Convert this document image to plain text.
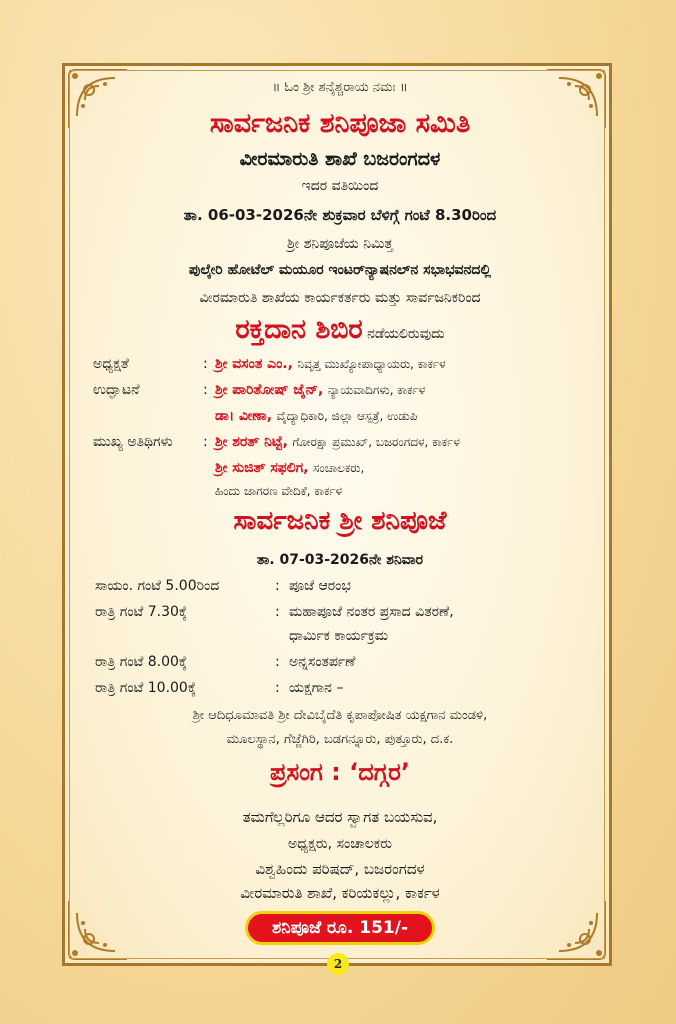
॥ ಓಂ ಶ್ರೀ ಶನೈಶ್ಚರಾಯ ನಮಃ ॥
ಸಾರ್ವಜನಿಕ ಶನಿಪೂಜಾ ಸಮಿತಿ
ವೀರಮಾರುತಿ ಶಾಖೆ ಬಜರಂಗದಳ
ಇದರ ವತಿಯಿಂದ
ತಾ. 06-03-2026ನೇ ಶುಕ್ರವಾರ ಬೆಳಿಗ್ಗೆ ಗಂಟೆ 8.30ರಿಂದ
ಶ್ರೀ ಶನಿಪೂಜೆಯ ನಿಮಿತ್ತ
ಪುಲ್ಕೇರಿ ಹೋಟೆಲ್ ಮಯೂರ ಇಂಟರ್‌ನ್ಯಾಷನಲ್‌ನ ಸಭಾಭವನದಲ್ಲಿ
ವೀರಮಾರುತಿ ಶಾಖೆಯ ಕಾರ್ಯಕರ್ತರು ಮತ್ತು ಸಾರ್ವಜನಿಕರಿಂದ
ರಕ್ತದಾನ ಶಿಬಿರ ನಡೆಯಲಿರುವುದು
ಅಧ್ಯಕ್ಷತೆ	: ಶ್ರೀ ವಸಂತ ಎಂ., ನಿವೃತ್ತ ಮುಖ್ಯೋಪಾಧ್ಯಾಯರು, ಕಾರ್ಕಳ
ಉದ್ಘಾಟನೆ	: ಶ್ರೀ ಪಾರಿತೋಷ್ ಜೈನ್, ನ್ಯಾಯವಾದಿಗಳು, ಕಾರ್ಕಳ
ಡಾ। ವೀಣಾ, ವೈದ್ಯಾಧಿಕಾರಿ, ಜಿಲ್ಲಾ ಆಸ್ಪತ್ರೆ, ಉಡುಪಿ
ಮುಖ್ಯ ಅತಿಥಿಗಳು : ಶ್ರೀ ಶರತ್ ನಿಟ್ಟೆ, ಗೋರಕ್ಷಾ ಪ್ರಮುಖ್, ಬಜರಂಗದಳ, ಕಾರ್ಕಳ
ಶ್ರೀ ಸುಜಿತ್ ಸಫಲಿಗ, ಸಂಚಾಲಕರು,
ಹಿಂದು ಜಾಗರಣ ವೇದಿಕೆ, ಕಾರ್ಕಳ
ಸಾರ್ವಜನಿಕ ಶ್ರೀ ಶನಿಪೂಜೆ
ತಾ. 07-03-2026ನೇ ಶನಿವಾರ
ಸಾಯಂ. ಗಂಟೆ 5.00ರಿಂದ	: ಪೂಜೆ ಆರಂಭ
ರಾತ್ರಿ ಗಂಟೆ 7.30ಕ್ಕೆ	: ಮಹಾಪೂಜೆ ನಂತರ ಪ್ರಸಾದ ವಿತರಣೆ,
ಧಾರ್ಮಿಕ ಕಾರ್ಯಕ್ರಮ
ರಾತ್ರಿ ಗಂಟೆ 8.00ಕ್ಕೆ	: ಅನ್ನಸಂತರ್ಪಣೆ
ರಾತ್ರಿ ಗಂಟೆ 10.00ಕ್ಕೆ	: ಯಕ್ಷಗಾನ –
ಶ್ರೀ ಆದಿಧೂಮಾವತಿ ಶ್ರೀ ದೇವಿಬೈದೆತಿ ಕೃಪಾಪೋಷಿತ ಯಕ್ಷಗಾನ ಮಂಡಳಿ,
ಮೂಲಸ್ಥಾನ, ಗೆಜ್ಜೆಗಿರಿ, ಬಡಗನ್ನೂರು, ಪುತ್ತೂರು, ದ.ಕ.
ಪ್ರಸಂಗ : ‘ದಗ್ಗರ’
ತಮಗೆಲ್ಲರಿಗೂ ಆದರ ಸ್ವಾಗತ ಬಯಸುವ,
ಅಧ್ಯಕ್ಷರು, ಸಂಚಾಲಕರು
ವಿಶ್ವಹಿಂದು ಪರಿಷದ್, ಬಜರಂಗದಳ
ವೀರಮಾರುತಿ ಶಾಖೆ, ಕರಿಯಕಲ್ಲು, ಕಾರ್ಕಳ
ಶನಿಪೂಜೆ ರೂ. 151/-
2
